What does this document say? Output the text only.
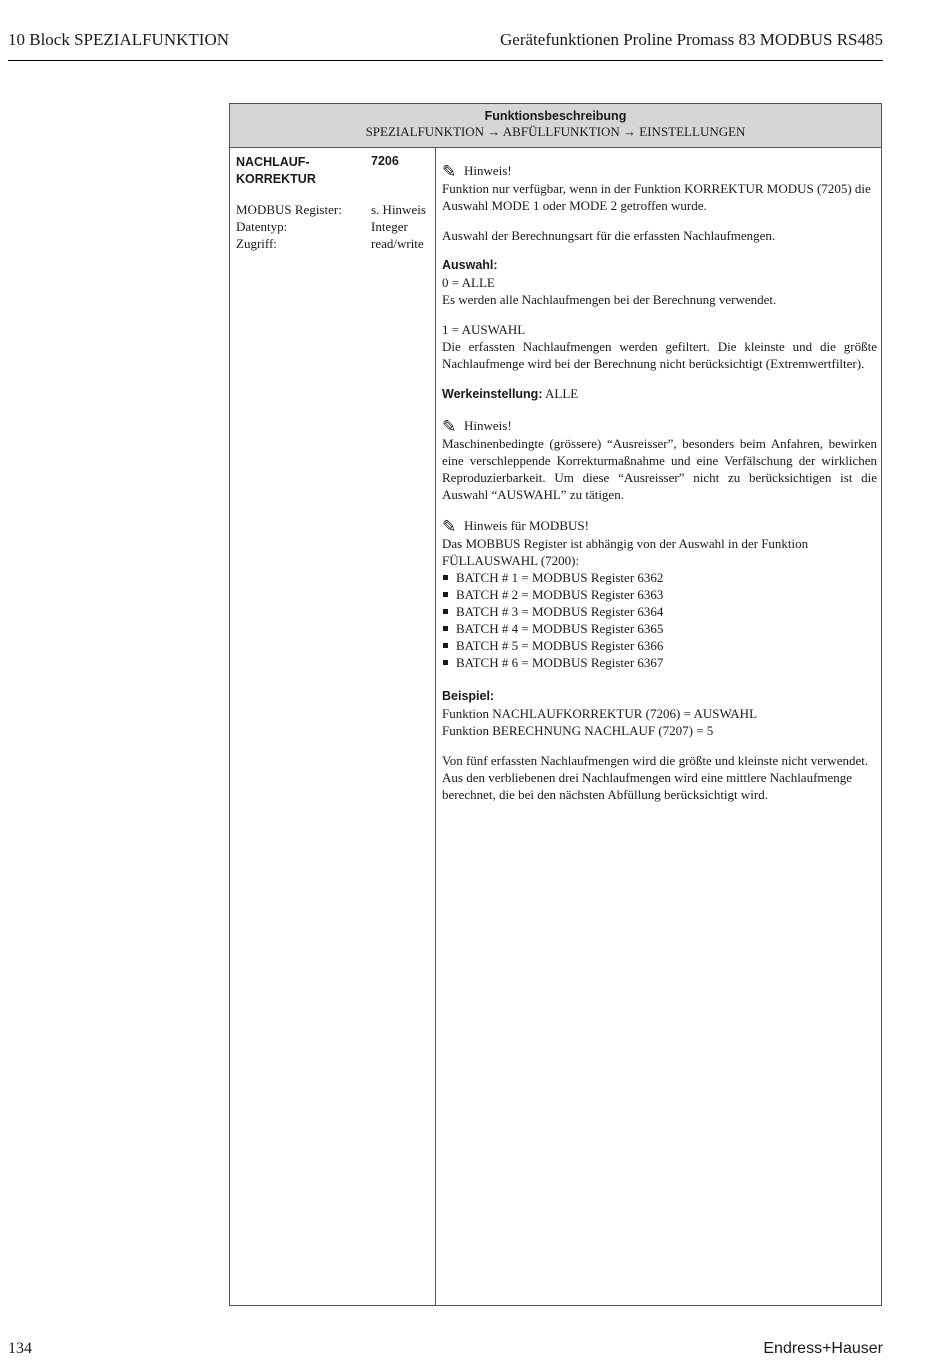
10 Block SPEZIALFUNKTION	Gerätefunktionen Proline Promass 83 MODBUS RS485
Funktionsbeschreibung
SPEZIALFUNKTION → ABFÜLLFUNKTION → EINSTELLUNGEN
NACHLAUF-
KORREKTUR
7206
MODBUS Register:	s. Hinweis
Datentyp:	Integer
Zugriff:	read/write

✎ Hinweis!

Funktion nur verfügbar, wenn in der Funktion KORREKTUR MODUS (7205) die Auswahl MODE 1 oder MODE 2 getroffen wurde.

Auswahl der Berechnungsart für die erfassten Nachlaufmengen.

Auswahl:

0 = ALLE

Es werden alle Nachlaufmengen bei der Berechnung verwendet.

1 = AUSWAHL

Die erfassten Nachlaufmengen werden gefiltert. Die kleinste und die größte Nachlaufmenge wird bei der Berechnung nicht berücksichtigt (Extremwertfilter).

Werkeinstellung: ALLE

✎ Hinweis!

Maschinenbedingte (grössere) “Ausreisser”, besonders beim Anfahren, bewirken eine verschleppende Korrekturmaßnahme und eine Verfälschung der wirklichen Reproduzierbarkeit. Um diese “Ausreisser” nicht zu berücksichtigen ist die Auswahl “AUSWAHL” zu tätigen.

✎ Hinweis für MODBUS!

Das MOBBUS Register ist abhängig von der Auswahl in der Funktion

FÜLLAUSWAHL (7200):

BATCH # 1 = MODBUS Register 6362
BATCH # 2 = MODBUS Register 6363
BATCH # 3 = MODBUS Register 6364
BATCH # 4 = MODBUS Register 6365
BATCH # 5 = MODBUS Register 6366
BATCH # 6 = MODBUS Register 6367

Beispiel:

Funktion NACHLAUFKORREKTUR (7206) = AUSWAHL

Funktion BERECHNUNG NACHLAUF (7207) = 5

Von fünf erfassten Nachlaufmengen wird die größte und kleinste nicht verwendet. Aus den verbliebenen drei Nachlaufmengen wird eine mittlere Nachlaufmenge berechnet, die bei den nächsten Abfüllung berücksichtigt wird.

134	Endress+Hauser
